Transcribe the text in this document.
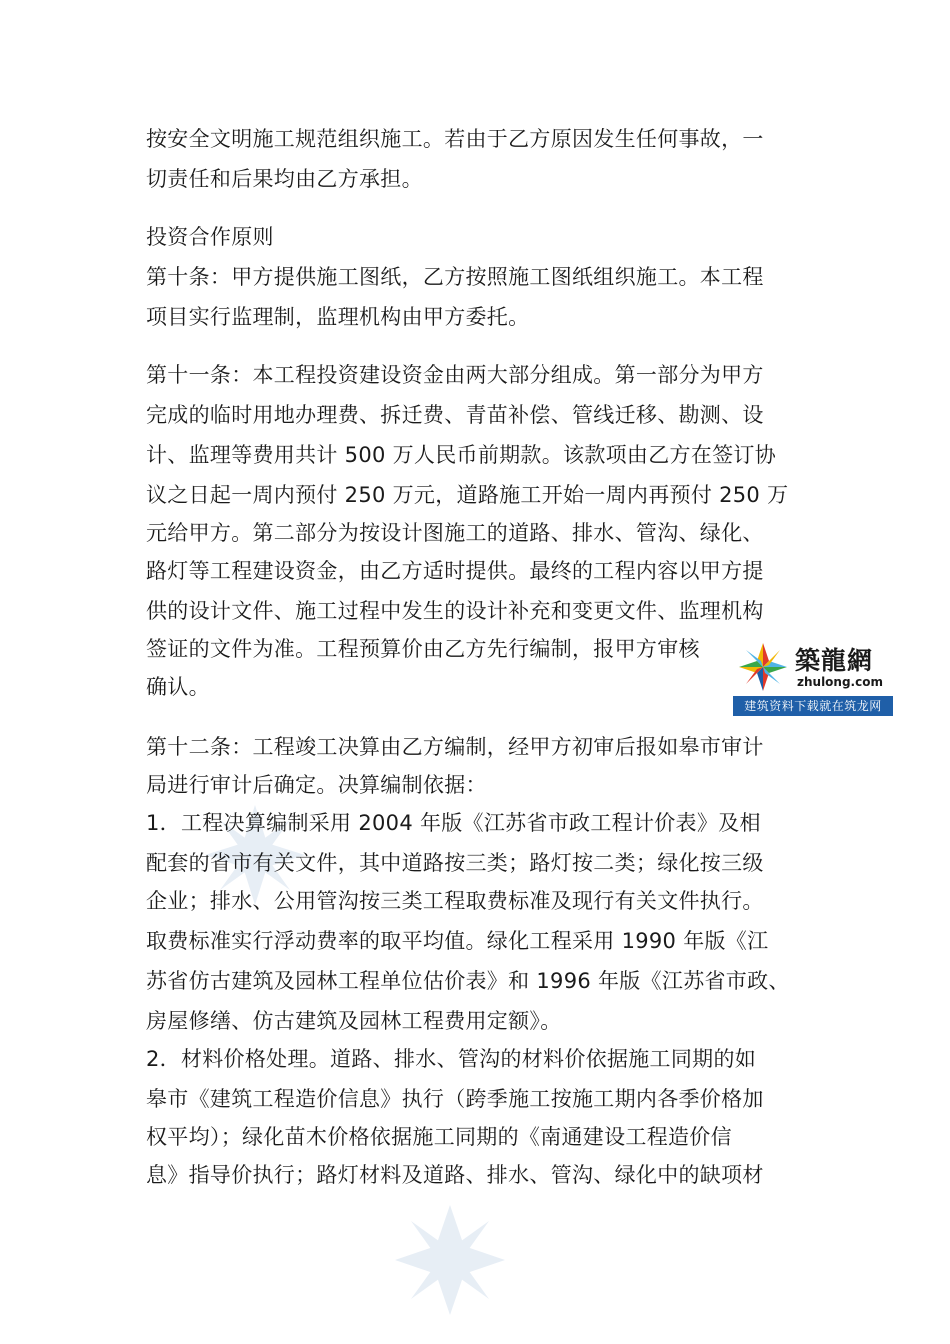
按安全文明施工规范组织施工。若由于乙方原因发生任何事故，一
切责任和后果均由乙方承担。
投资合作原则
第十条：甲方提供施工图纸，乙方按照施工图纸组织施工。本工程
项目实行监理制，监理机构由甲方委托。
第十一条：本工程投资建设资金由两大部分组成。第一部分为甲方
完成的临时用地办理费、拆迁费、青苗补偿、管线迁移、勘测、设
计、监理等费用共计 500 万人民币前期款。该款项由乙方在签订协
议之日起一周内预付 250 万元，道路施工开始一周内再预付 250 万
元给甲方。第二部分为按设计图施工的道路、排水、管沟、绿化、
路灯等工程建设资金，由乙方适时提供。最终的工程内容以甲方提
供的设计文件、施工过程中发生的设计补充和变更文件、监理机构
签证的文件为准。工程预算价由乙方先行编制，报甲方审核
确认。
第十二条：工程竣工决算由乙方编制，经甲方初审后报如皋市审计
局进行审计后确定。决算编制依据：
1．工程决算编制采用 2004 年版《江苏省市政工程计价表》及相
配套的省市有关文件，其中道路按三类；路灯按二类；绿化按三级
企业；排水、公用管沟按三类工程取费标准及现行有关文件执行。
取费标准实行浮动费率的取平均值。绿化工程采用 1990 年版《江
苏省仿古建筑及园林工程单位估价表》和 1996 年版《江苏省市政、
房屋修缮、仿古建筑及园林工程费用定额》。
2．材料价格处理。道路、排水、管沟的材料价依据施工同期的如
皋市《建筑工程造价信息》执行（跨季施工按施工期内各季价格加
权平均）；绿化苗木价格依据施工同期的《南通建设工程造价信
息》指导价执行；路灯材料及道路、排水、管沟、绿化中的缺项材
築龍網
zhulong.com
建筑资料下载就在筑龙网
